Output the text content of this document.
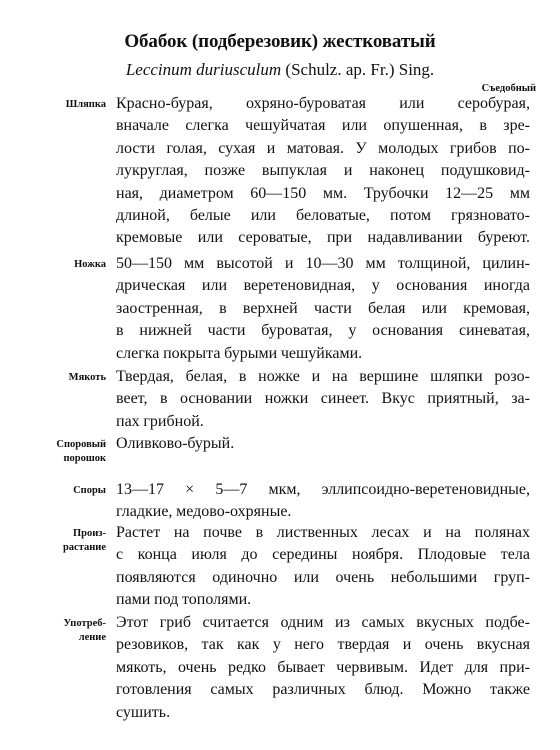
Обабок (подберезовик) жестковатый
Leccinum duriusculum (Schulz. ap. Fr.) Sing.
Съедобный
Шляпка Красно-бурая, охряно-буроватая или серобурая,
вначале слегка чешуйчатая или опушенная, в зре-
лости голая, сухая и матовая. У молодых грибов по-
лукруглая, позже выпуклая и наконец подушковид-
ная, диаметром 60—150 мм. Трубочки 12—25 мм
длиной, белые или беловатые, потом грязновато-
кремовые или сероватые, при надавливании буреют.
Ножка 50—150 мм высотой и 10—30 мм толщиной, цилин-
дрическая или веретеновидная, у основания иногда
заостренная, в верхней части белая или кремовая,
в нижней части буроватая, у основания синеватая,
слегка покрыта бурыми чешуйками.
Мякоть Твердая, белая, в ножке и на вершине шляпки розо-
веет, в основании ножки синеет. Вкус приятный, за-
пах грибной.
Споровый
порошок
Оливково-бурый.
Споры 13—17 × 5—7 мкм, эллипсоидно-веретеновидные,
гладкие, медово-охряные.
Произ-
растание
Растет на почве в лиственных лесах и на полянах
с конца июля до середины ноября. Плодовые тела
появляются одиночно или очень небольшими груп-
пами под тополями.
Употреб-
ление
Этот гриб считается одним из самых вкусных подбе-
резовиков, так как у него твердая и очень вкусная
мякоть, очень редко бывает червивым. Идет для при-
готовления самых различных блюд. Можно также
сушить.
